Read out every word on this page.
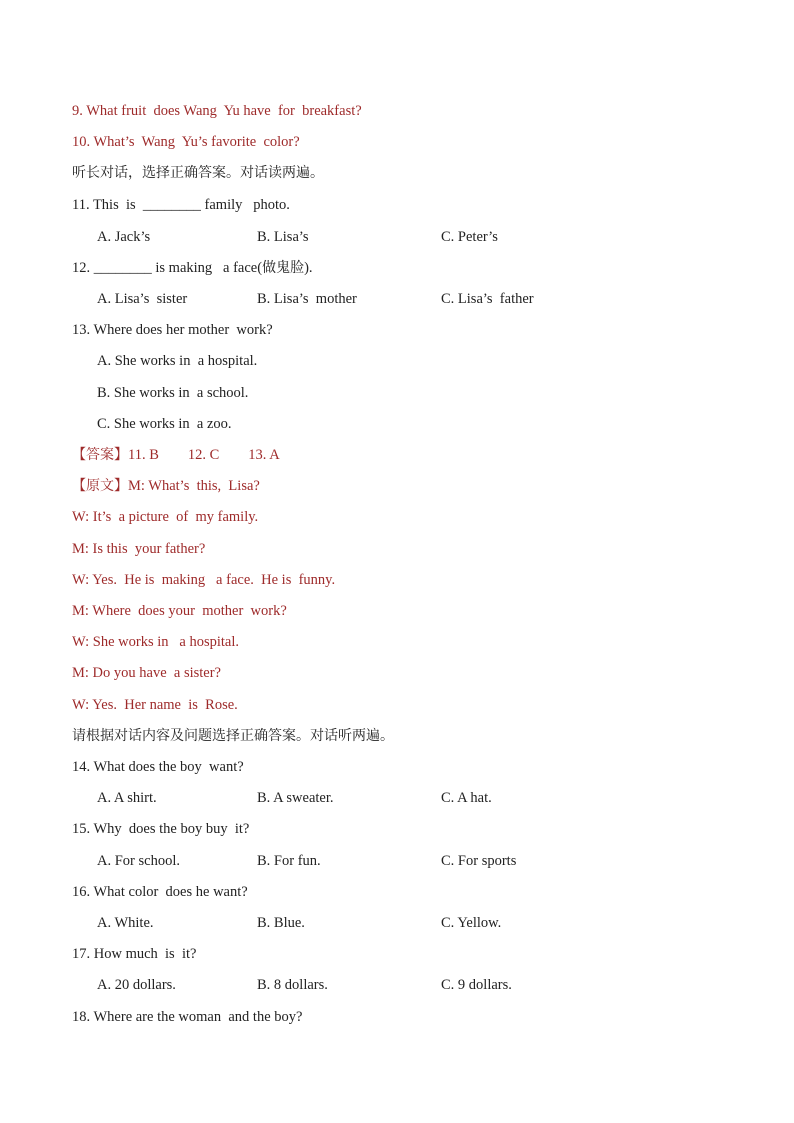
9. What fruit  does Wang  Yu have  for  breakfast?
10. What’s  Wang  Yu’s favorite  color?
听长对话，选择正确答案。对话读两遍。
11. This  is  ________ family   photo.
A. Jack’s	B. Lisa’s	C. Peter’s
12. ________ is making   a face(做鬼脸).
A. Lisa’s  sister	B. Lisa’s  mother	C. Lisa’s  father
13. Where does her mother  work?
A. She works in  a hospital.
B. She works in  a school.
C. She works in  a zoo.
【答案】11. B        12. C        13. A
【原文】M: What’s  this,  Lisa?
W: It’s  a picture  of  my family.
M: Is this  your father?
W: Yes.  He is  making   a face.  He is  funny.
M: Where  does your  mother  work?
W: She works in   a hospital.
M: Do you have  a sister?
W: Yes.  Her name  is  Rose.
请根据对话内容及问题选择正确答案。对话听两遍。
14. What does the boy  want?
A. A shirt.	B. A sweater.	C. A hat.
15. Why  does the boy buy  it?
A. For school.	B. For fun.	C. For sports
16. What color  does he want?
A. White.	B. Blue.	C. Yellow.
17. How much  is  it?
A. 20 dollars.	B. 8 dollars.	C. 9 dollars.
18. Where are the woman  and the boy?
